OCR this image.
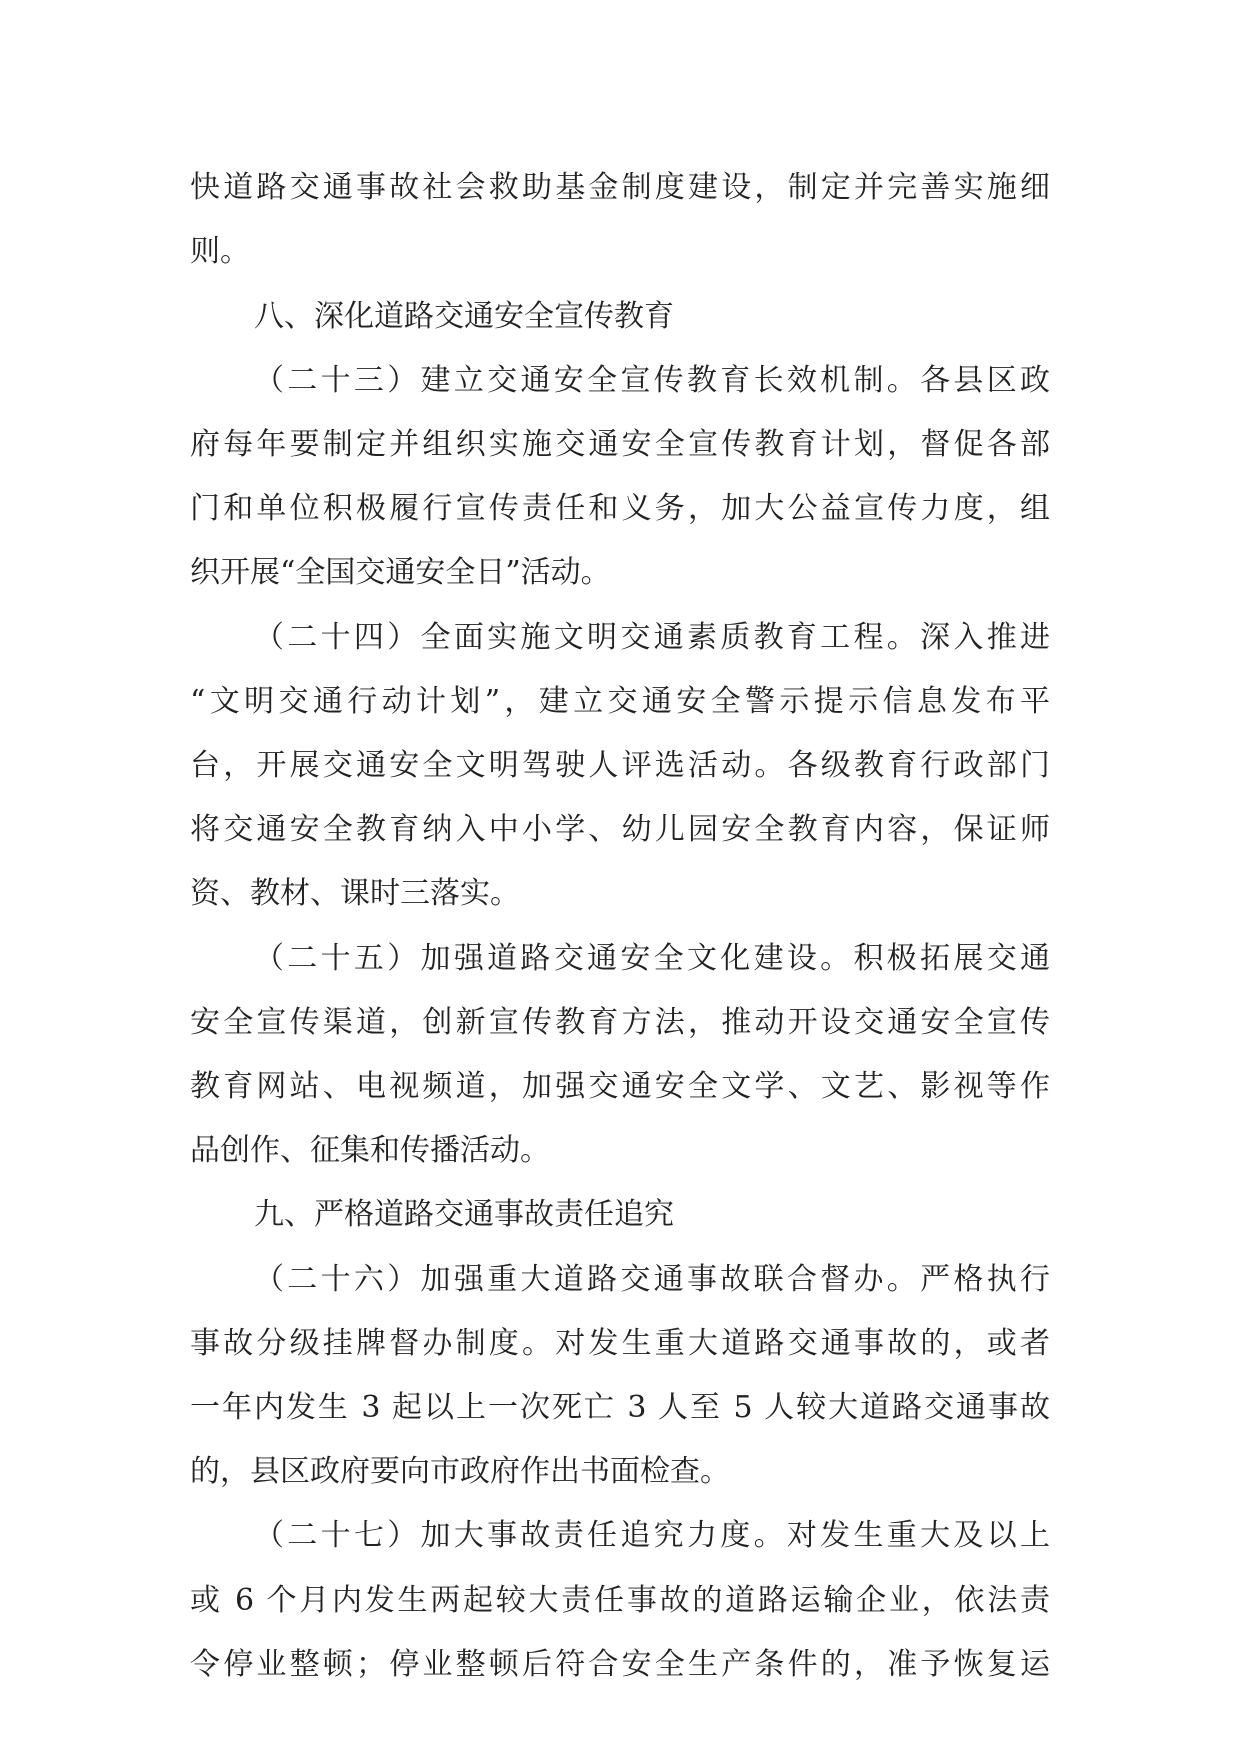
快道路交通事故社会救助基金制度建设，制定并完善实施细
则。
八、深化道路交通安全宣传教育
（二十三）建立交通安全宣传教育长效机制。各县区政
府每年要制定并组织实施交通安全宣传教育计划，督促各部
门和单位积极履行宣传责任和义务，加大公益宣传力度，组
织开展“全国交通安全日”活动。
（二十四）全面实施文明交通素质教育工程。深入推进
“文明交通行动计划”，建立交通安全警示提示信息发布平
台，开展交通安全文明驾驶人评选活动。各级教育行政部门
将交通安全教育纳入中小学、幼儿园安全教育内容，保证师
资、教材、课时三落实。
（二十五）加强道路交通安全文化建设。积极拓展交通
安全宣传渠道，创新宣传教育方法，推动开设交通安全宣传
教育网站、电视频道，加强交通安全文学、文艺、影视等作
品创作、征集和传播活动。
九、严格道路交通事故责任追究
（二十六）加强重大道路交通事故联合督办。严格执行
事故分级挂牌督办制度。对发生重大道路交通事故的，或者
一年内发生 3 起以上一次死亡 3 人至 5 人较大道路交通事故
的，县区政府要向市政府作出书面检查。
（二十七）加大事故责任追究力度。对发生重大及以上
或 6 个月内发生两起较大责任事故的道路运输企业，依法责
令停业整顿；停业整顿后符合安全生产条件的，准予恢复运
